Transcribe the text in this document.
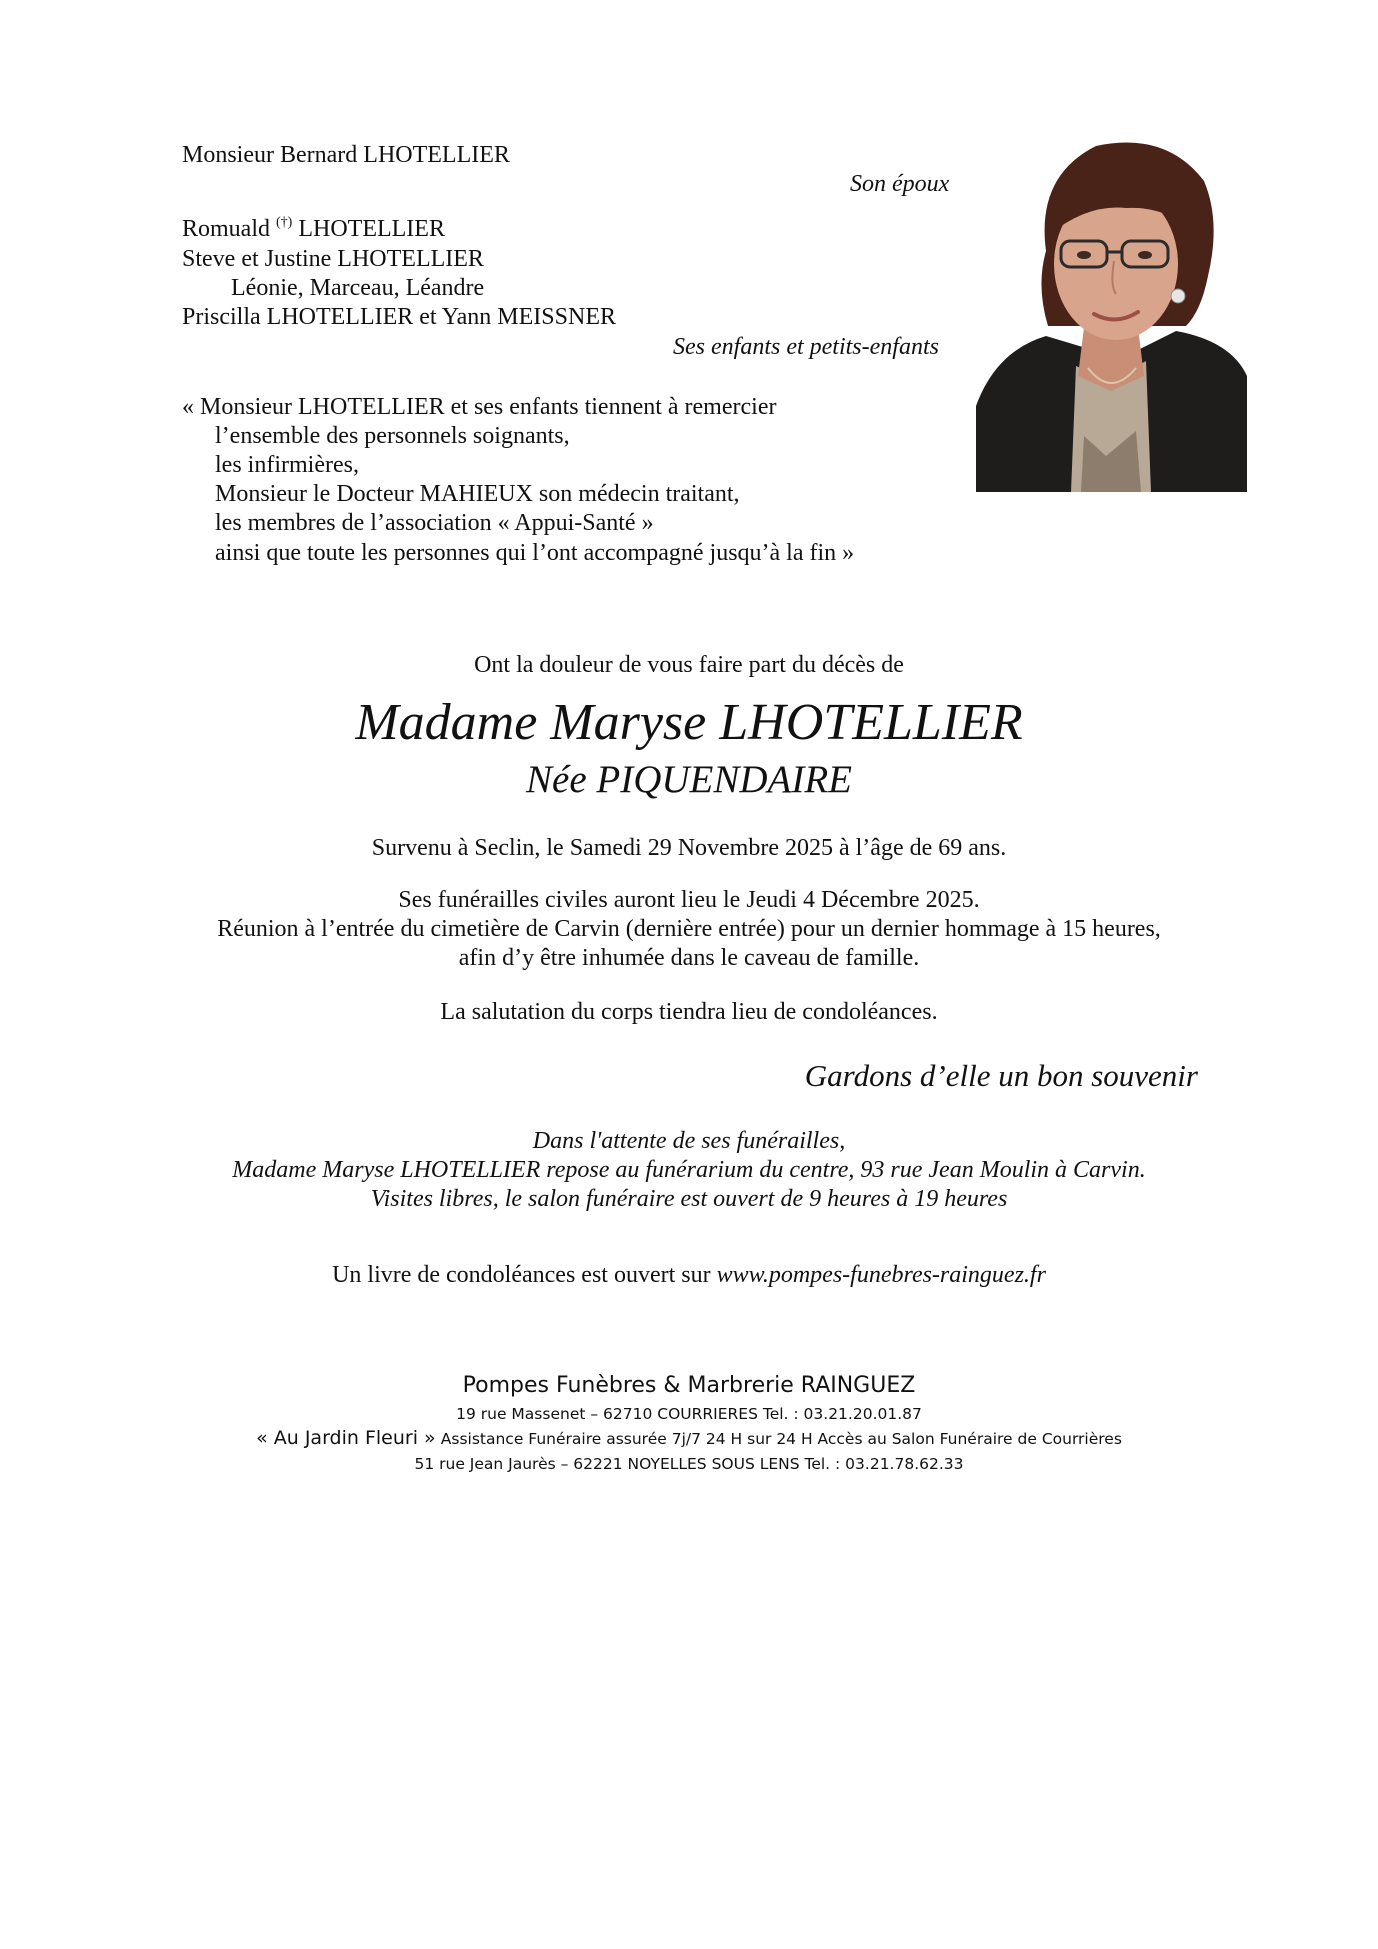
Monsieur Bernard LHOTELLIER
Son époux
Romuald (†) LHOTELLIER
Steve et Justine LHOTELLIER
Léonie, Marceau, Léandre
Priscilla LHOTELLIER et Yann MEISSNER
Ses enfants et petits-enfants
« Monsieur LHOTELLIER et ses enfants tiennent à remercier
l’ensemble des personnels soignants,
les infirmières,
Monsieur le Docteur MAHIEUX son médecin traitant,
les membres de l’association « Appui-Santé »
ainsi que toute les personnes qui l’ont accompagné jusqu’à la fin »
Ont la douleur de vous faire part du décès de
Madame Maryse LHOTELLIER
Née PIQUENDAIRE
Survenu à Seclin, le Samedi 29 Novembre 2025 à l’âge de 69 ans.
Ses funérailles civiles auront lieu le Jeudi 4 Décembre 2025.
Réunion à l’entrée du cimetière de Carvin (dernière entrée) pour un dernier hommage à 15 heures,
afin d’y être inhumée dans le caveau de famille.
La salutation du corps tiendra lieu de condoléances.
Gardons d’elle un bon souvenir
Dans l'attente de ses funérailles,
Madame Maryse LHOTELLIER repose au funérarium du centre, 93 rue Jean Moulin à Carvin.
Visites libres, le salon funéraire est ouvert de 9 heures à 19 heures
Un livre de condoléances est ouvert sur www.pompes-funebres-rainguez.fr
Pompes Funèbres & Marbrerie RAINGUEZ
19 rue Massenet – 62710 COURRIERES Tel. : 03.21.20.01.87
« Au Jardin Fleuri » Assistance Funéraire assurée 7j/7 24 H sur 24 H Accès au Salon Funéraire de Courrières
51 rue Jean Jaurès – 62221 NOYELLES SOUS LENS Tel. : 03.21.78.62.33
